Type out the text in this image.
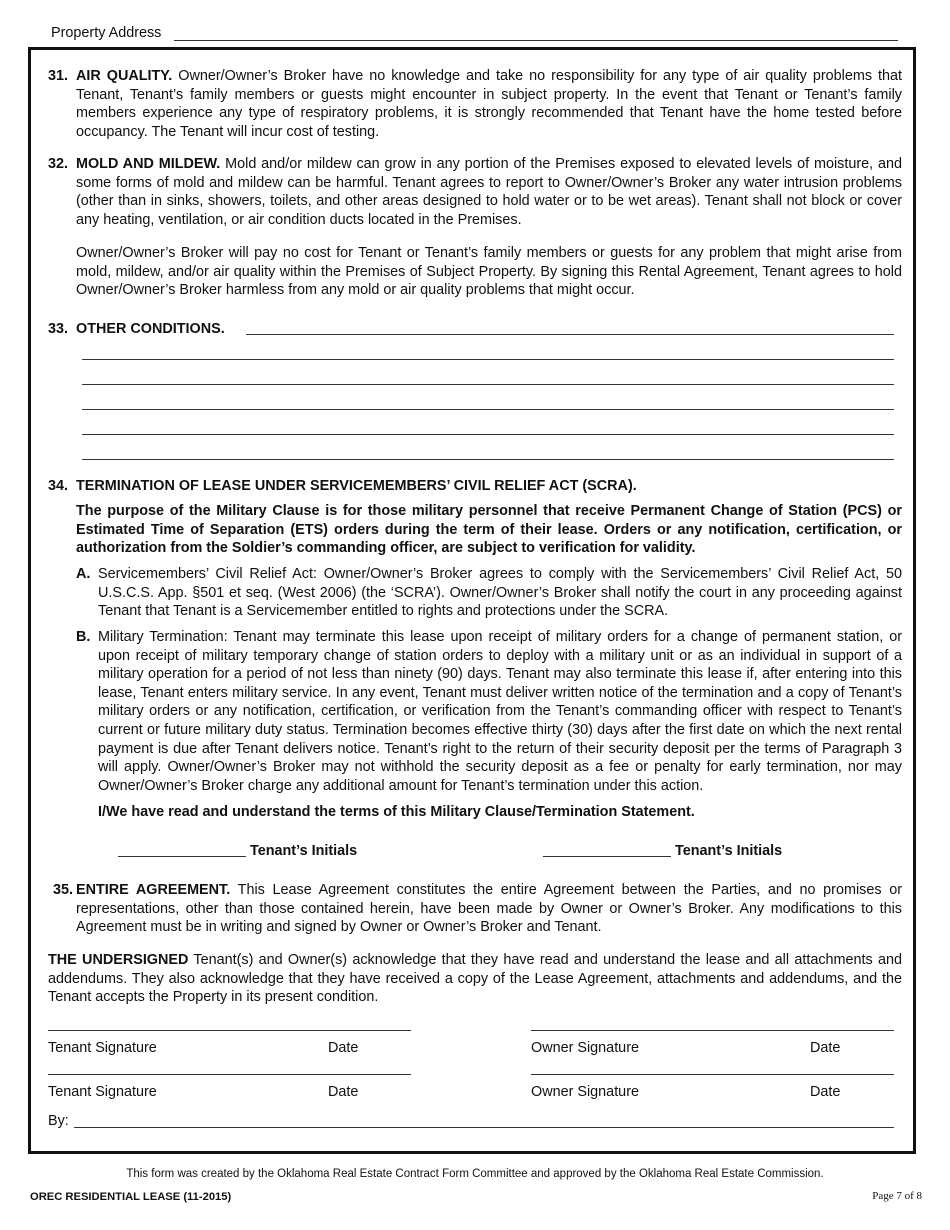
Property Address
31. AIR QUALITY. Owner/Owner’s Broker have no knowledge and take no responsibility for any type of air quality problems that Tenant, Tenant’s family members or guests might encounter in subject property. In the event that Tenant or Tenant’s family members experience any type of respiratory problems, it is strongly recommended that Tenant have the home tested before occupancy. The Tenant will incur cost of testing.
32. MOLD AND MILDEW. Mold and/or mildew can grow in any portion of the Premises exposed to elevated levels of moisture, and some forms of mold and mildew can be harmful. Tenant agrees to report to Owner/Owner’s Broker any water intrusion problems (other than in sinks, showers, toilets, and other areas designed to hold water or to be wet areas). Tenant shall not block or cover any heating, ventilation, or air condition ducts located in the Premises.
Owner/Owner’s Broker will pay no cost for Tenant or Tenant’s family members or guests for any problem that might arise from mold, mildew, and/or air quality within the Premises of Subject Property. By signing this Rental Agreement, Tenant agrees to hold Owner/Owner’s Broker harmless from any mold or air quality problems that might occur.
33. OTHER CONDITIONS.
34. TERMINATION OF LEASE UNDER SERVICEMEMBERS’ CIVIL RELIEF ACT (SCRA).
The purpose of the Military Clause is for those military personnel that receive Permanent Change of Station (PCS) or Estimated Time of Separation (ETS) orders during the term of their lease. Orders or any notification, certification, or authorization from the Soldier’s commanding officer, are subject to verification for validity.
A. Servicemembers’ Civil Relief Act: Owner/Owner’s Broker agrees to comply with the Servicemembers’ Civil Relief Act, 50 U.S.C.S. App. §501 et seq. (West 2006) (the ‘SCRA’). Owner/Owner’s Broker shall notify the court in any proceeding against Tenant that Tenant is a Servicemember entitled to rights and protections under the SCRA.
B. Military Termination: Tenant may terminate this lease upon receipt of military orders for a change of permanent station, or upon receipt of military temporary change of station orders to deploy with a military unit or as an individual in support of a military operation for a period of not less than ninety (90) days. Tenant may also terminate this lease if, after entering into this lease, Tenant enters military service. In any event, Tenant must deliver written notice of the termination and a copy of Tenant’s military orders or any notification, certification, or verification from the Tenant’s commanding officer with respect to Tenant’s current or future military duty status. Termination becomes effective thirty (30) days after the first date on which the next rental payment is due after Tenant delivers notice. Tenant’s right to the return of their security deposit per the terms of Paragraph 3 will apply. Owner/Owner’s Broker may not withhold the security deposit as a fee or penalty for early termination, nor may Owner/Owner’s Broker charge any additional amount for Tenant’s termination under this action.
I/We have read and understand the terms of this Military Clause/Termination Statement.
Tenant’s Initials	Tenant’s Initials
35. ENTIRE AGREEMENT. This Lease Agreement constitutes the entire Agreement between the Parties, and no promises or representations, other than those contained herein, have been made by Owner or Owner’s Broker. Any modifications to this Agreement must be in writing and signed by Owner or Owner’s Broker and Tenant.
THE UNDERSIGNED Tenant(s) and Owner(s) acknowledge that they have read and understand the lease and all attachments and addendums. They also acknowledge that they have received a copy of the Lease Agreement, attachments and addendums, and the Tenant accepts the Property in its present condition.
Tenant Signature	Date	Owner Signature	Date
Tenant Signature	Date	Owner Signature	Date
By:
This form was created by the Oklahoma Real Estate Contract Form Committee and approved by the Oklahoma Real Estate Commission.
OREC RESIDENTIAL LEASE (11-2015)	Page 7 of 8
